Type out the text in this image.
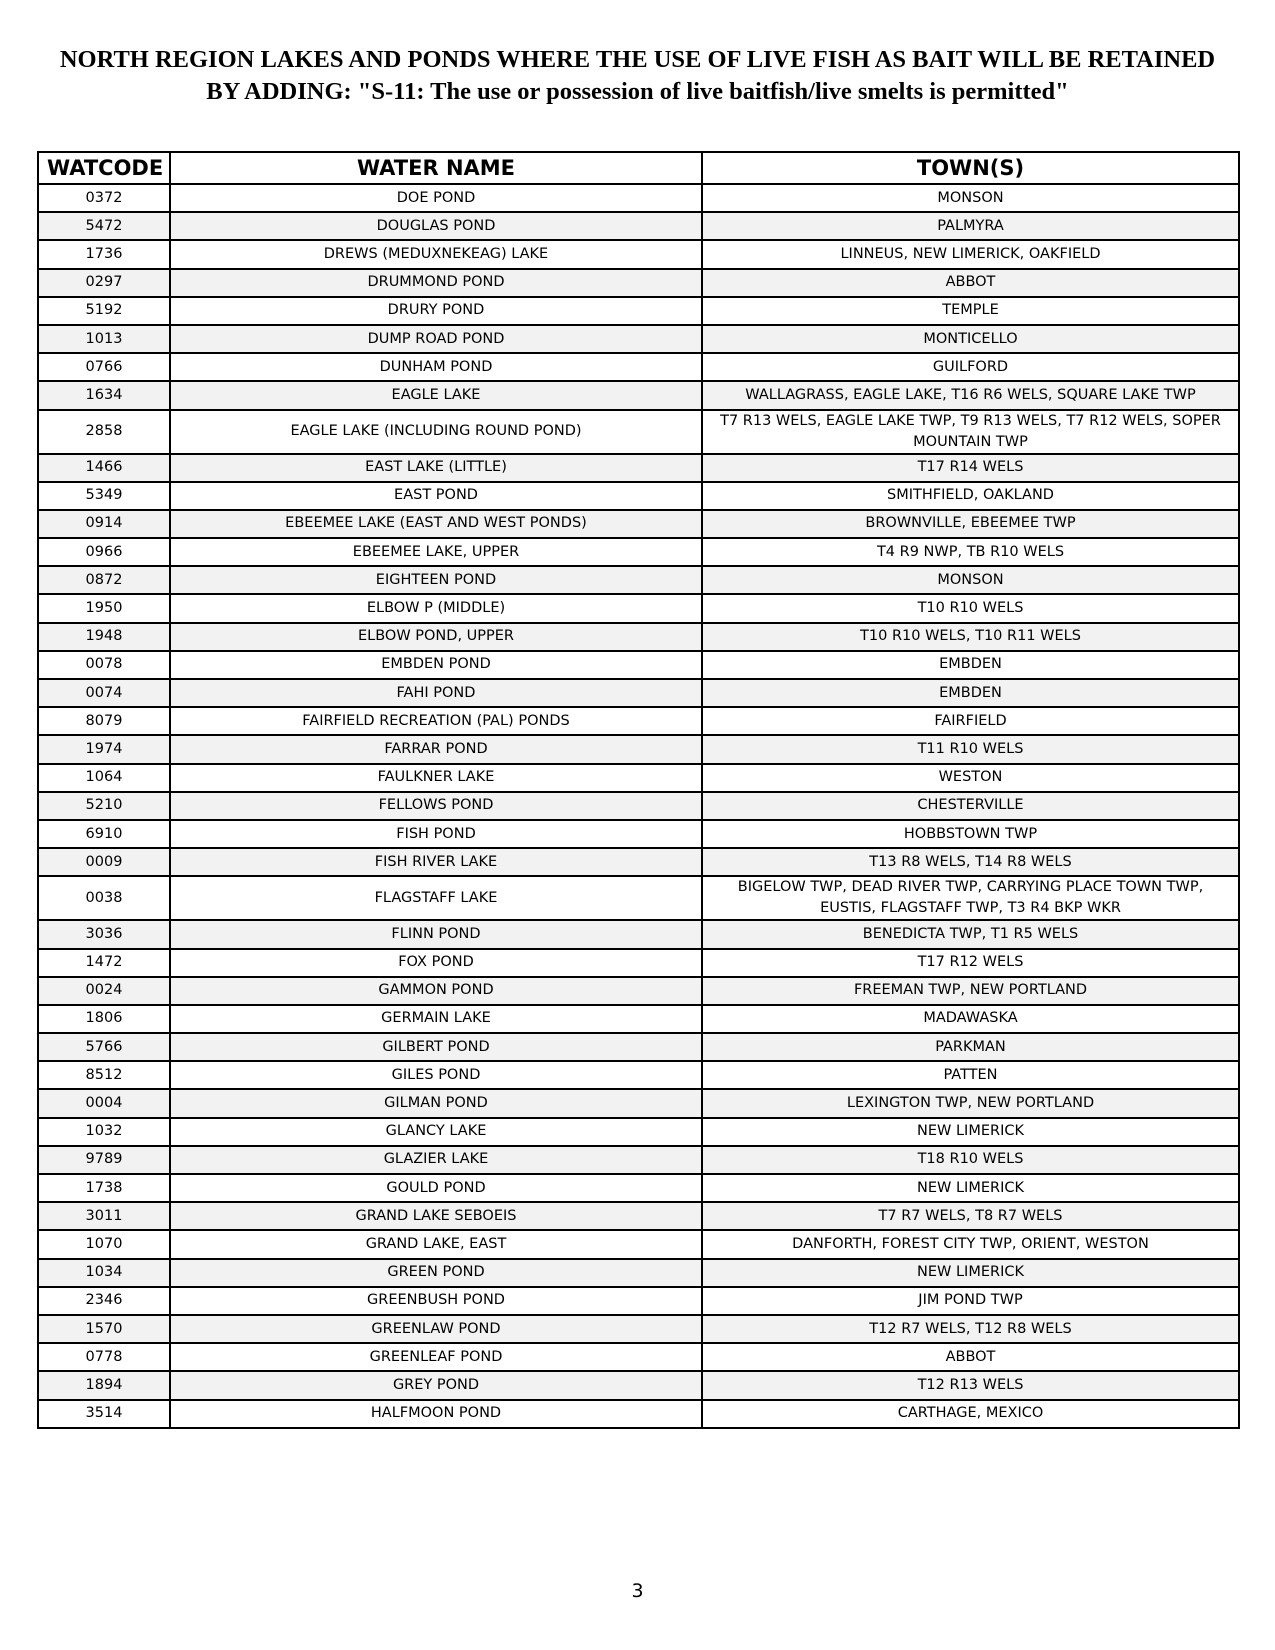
NORTH REGION LAKES AND PONDS WHERE THE USE OF LIVE FISH AS BAIT WILL BE RETAINED BY ADDING: "S-11: The use or possession of live baitfish/live smelts is permitted"
WATCODE	WATER NAME	TOWN(S)
0372	DOE POND	MONSON
5472	DOUGLAS POND	PALMYRA
1736	DREWS (MEDUXNEKEAG) LAKE	LINNEUS, NEW LIMERICK, OAKFIELD
0297	DRUMMOND POND	ABBOT
5192	DRURY POND	TEMPLE
1013	DUMP ROAD POND	MONTICELLO
0766	DUNHAM POND	GUILFORD
1634	EAGLE LAKE	WALLAGRASS, EAGLE LAKE, T16 R6 WELS, SQUARE LAKE TWP
2858	EAGLE LAKE (INCLUDING ROUND POND)	T7 R13 WELS, EAGLE LAKE TWP, T9 R13 WELS, T7 R12 WELS, SOPER MOUNTAIN TWP
1466	EAST LAKE (LITTLE)	T17 R14 WELS
5349	EAST POND	SMITHFIELD, OAKLAND
0914	EBEEMEE LAKE (EAST AND WEST PONDS)	BROWNVILLE, EBEEMEE TWP
0966	EBEEMEE LAKE, UPPER	T4 R9 NWP, TB R10 WELS
0872	EIGHTEEN POND	MONSON
1950	ELBOW P (MIDDLE)	T10 R10 WELS
1948	ELBOW POND, UPPER	T10 R10 WELS, T10 R11 WELS
0078	EMBDEN POND	EMBDEN
0074	FAHI POND	EMBDEN
8079	FAIRFIELD RECREATION (PAL) PONDS	FAIRFIELD
1974	FARRAR POND	T11 R10 WELS
1064	FAULKNER LAKE	WESTON
5210	FELLOWS POND	CHESTERVILLE
6910	FISH POND	HOBBSTOWN TWP
0009	FISH RIVER LAKE	T13 R8 WELS, T14 R8 WELS
0038	FLAGSTAFF LAKE	BIGELOW TWP, DEAD RIVER TWP, CARRYING PLACE TOWN TWP, EUSTIS, FLAGSTAFF TWP, T3 R4 BKP WKR
3036	FLINN POND	BENEDICTA TWP, T1 R5 WELS
1472	FOX POND	T17 R12 WELS
0024	GAMMON POND	FREEMAN TWP, NEW PORTLAND
1806	GERMAIN LAKE	MADAWASKA
5766	GILBERT POND	PARKMAN
8512	GILES POND	PATTEN
0004	GILMAN POND	LEXINGTON TWP, NEW PORTLAND
1032	GLANCY LAKE	NEW LIMERICK
9789	GLAZIER LAKE	T18 R10 WELS
1738	GOULD POND	NEW LIMERICK
3011	GRAND LAKE SEBOEIS	T7 R7 WELS, T8 R7 WELS
1070	GRAND LAKE, EAST	DANFORTH, FOREST CITY TWP, ORIENT, WESTON
1034	GREEN POND	NEW LIMERICK
2346	GREENBUSH POND	JIM POND TWP
1570	GREENLAW POND	T12 R7 WELS, T12 R8 WELS
0778	GREENLEAF POND	ABBOT
1894	GREY POND	T12 R13 WELS
3514	HALFMOON POND	CARTHAGE, MEXICO
3
